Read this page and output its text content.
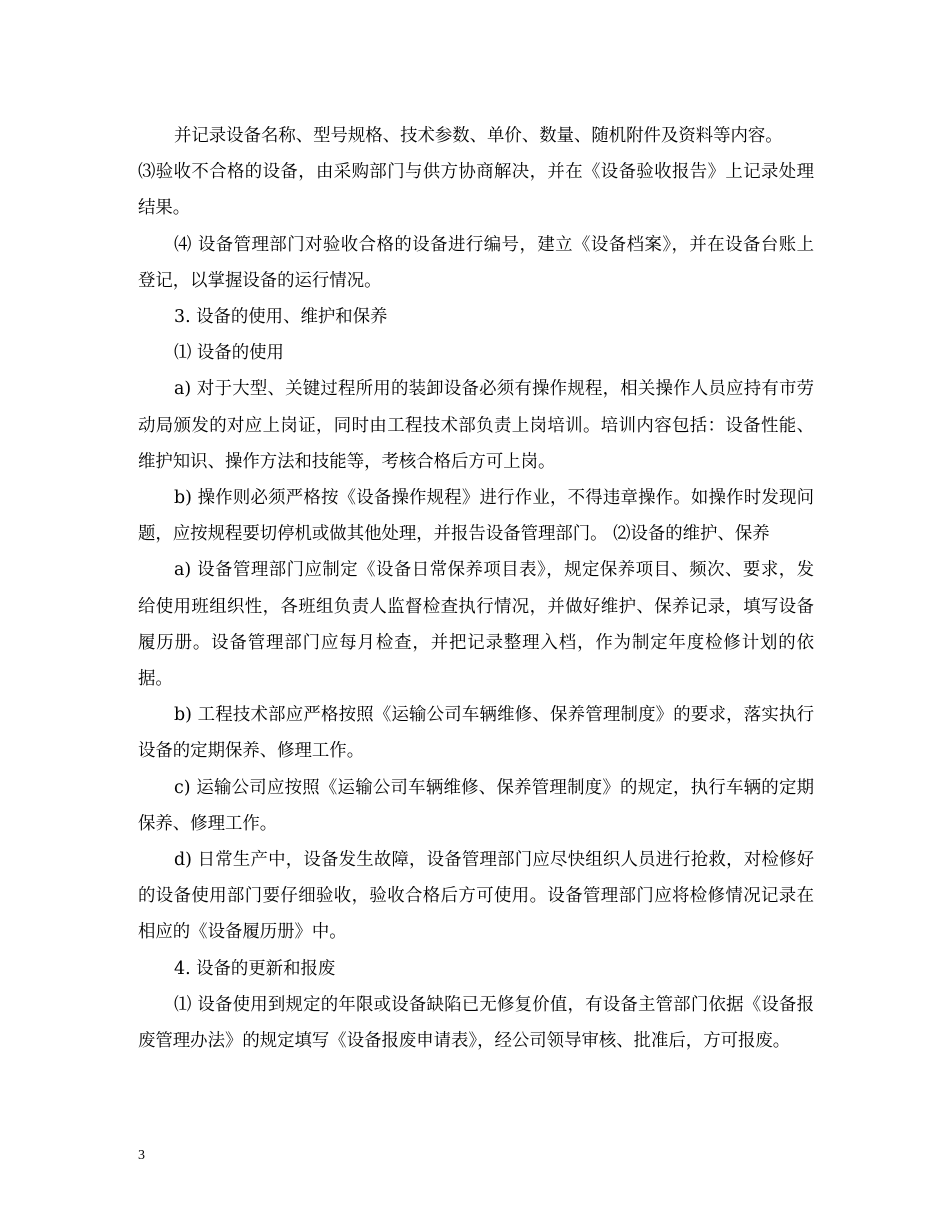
并记录设备名称、型号规格、技术参数、单价、数量、随机附件及资料等内容。

⑶验收不合格的设备，由采购部门与供方协商解决，并在《设备验收报告》上记录处理结果。

⑷ 设备管理部门对验收合格的设备进行编号，建立《设备档案》，并在设备台账上登记，以掌握设备的运行情况。

3. 设备的使用、维护和保养

⑴ 设备的使用

a) 对于大型、关键过程所用的装卸设备必须有操作规程，相关操作人员应持有市劳动局颁发的对应上岗证，同时由工程技术部负责上岗培训。培训内容包括：设备性能、维护知识、操作方法和技能等，考核合格后方可上岗。

b) 操作则必须严格按《设备操作规程》进行作业，不得违章操作。如操作时发现问题，应按规程要切停机或做其他处理，并报告设备管理部门。 ⑵设备的维护、保养

a) 设备管理部门应制定《设备日常保养项目表》，规定保养项目、频次、要求，发给使用班组织性，各班组负责人监督检查执行情况，并做好维护、保养记录，填写设备履历册。设备管理部门应每月检查，并把记录整理入档，作为制定年度检修计划的依据。

b) 工程技术部应严格按照《运输公司车辆维修、保养管理制度》的要求，落实执行设备的定期保养、修理工作。

c) 运输公司应按照《运输公司车辆维修、保养管理制度》的规定，执行车辆的定期保养、修理工作。

d) 日常生产中，设备发生故障，设备管理部门应尽快组织人员进行抢救，对检修好的设备使用部门要仔细验收，验收合格后方可使用。设备管理部门应将检修情况记录在相应的《设备履历册》中。

4. 设备的更新和报废

⑴ 设备使用到规定的年限或设备缺陷已无修复价值，有设备主管部门依据《设备报废管理办法》的规定填写《设备报废申请表》，经公司领导审核、批准后，方可报废。

3
